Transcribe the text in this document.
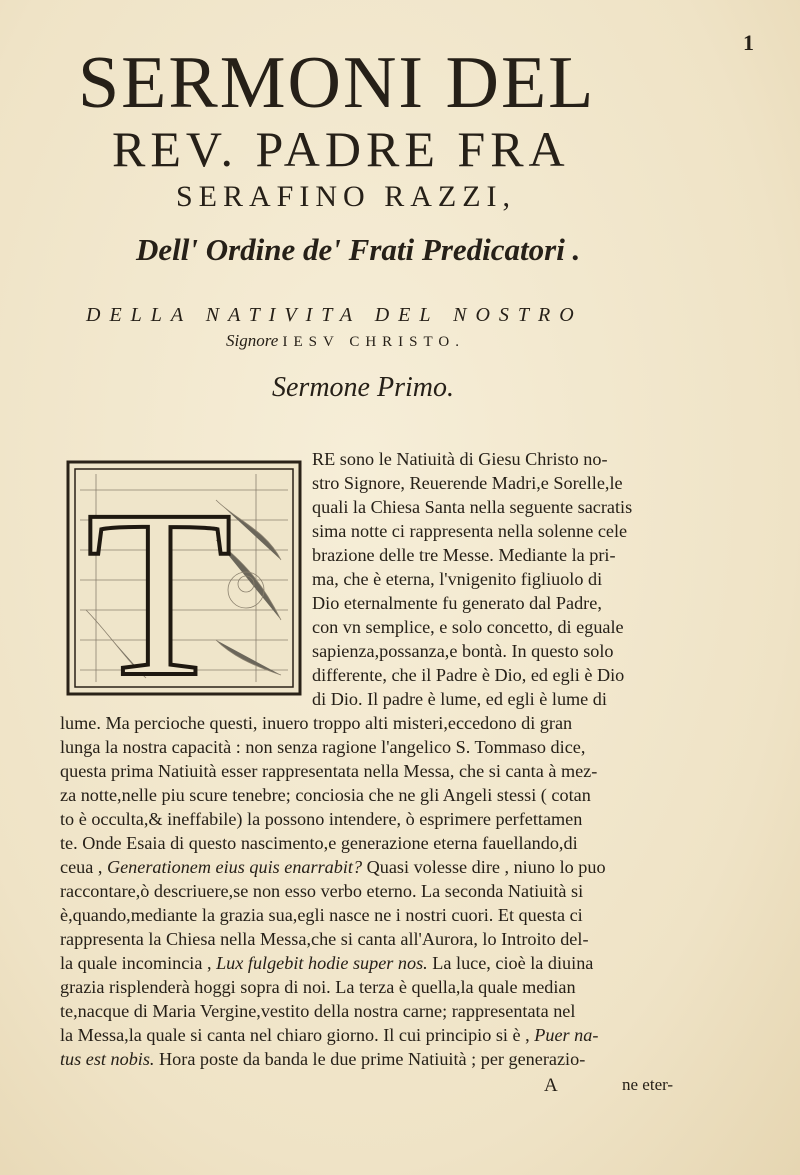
1
SERMONI DEL
REV. PADRE FRA
SERAFINO RAZZI,
Dell' Ordine de' Frati Predicatori .
DELLA NATIVITA DEL NOSTRO
Signore IESV CHRISTO.
Sermone Primo.
T
RE sono le Natiuità di Giesu Christo no-
stro Signore, Reuerende Madri,e Sorelle,le
quali la Chiesa Santa nella seguente sacratis
sima notte ci rappresenta nella solenne cele
brazione delle tre Messe. Mediante la pri-
ma, che è eterna, l'vnigenito figliuolo di
Dio eternalmente fu generato dal Padre,
con vn semplice, e solo concetto, di eguale
sapienza,possanza,e bontà. In questo solo
differente, che il Padre è Dio, ed egli è Dio
di Dio. Il padre è lume, ed egli è lume di
lume. Ma percioche questi, inuero troppo alti misteri,eccedono di gran
lunga la nostra capacità : non senza ragione l'angelico S. Tommaso dice,
questa prima Natiuità esser rappresentata nella Messa, che si canta à mez-
za notte,nelle piu scure tenebre; conciosia che ne gli Angeli stessi ( cotan
to è occulta,& ineffabile) la possono intendere, ò esprimere perfettamen
te. Onde Esaia di questo nascimento,e generazione eterna fauellando,di
ceua , Generationem eius quis enarrabit? Quasi volesse dire , niuno lo puo
raccontare,ò descriuere,se non esso verbo eterno. La seconda Natiuità si
è,quando,mediante la grazia sua,egli nasce ne i nostri cuori. Et questa ci
rappresenta la Chiesa nella Messa,che si canta all'Aurora, lo Introito del-
la quale incomincia , Lux fulgebit hodie super nos. La luce, cioè la diuina
grazia risplenderà hoggi sopra di noi. La terza è quella,la quale median
te,nacque di Maria Vergine,vestito della nostra carne; rappresentata nel
la Messa,la quale si canta nel chiaro giorno. Il cui principio si è , Puer na-
tus est nobis. Hora poste da banda le due prime Natiuità ; per generazio-
A	ne eter-
